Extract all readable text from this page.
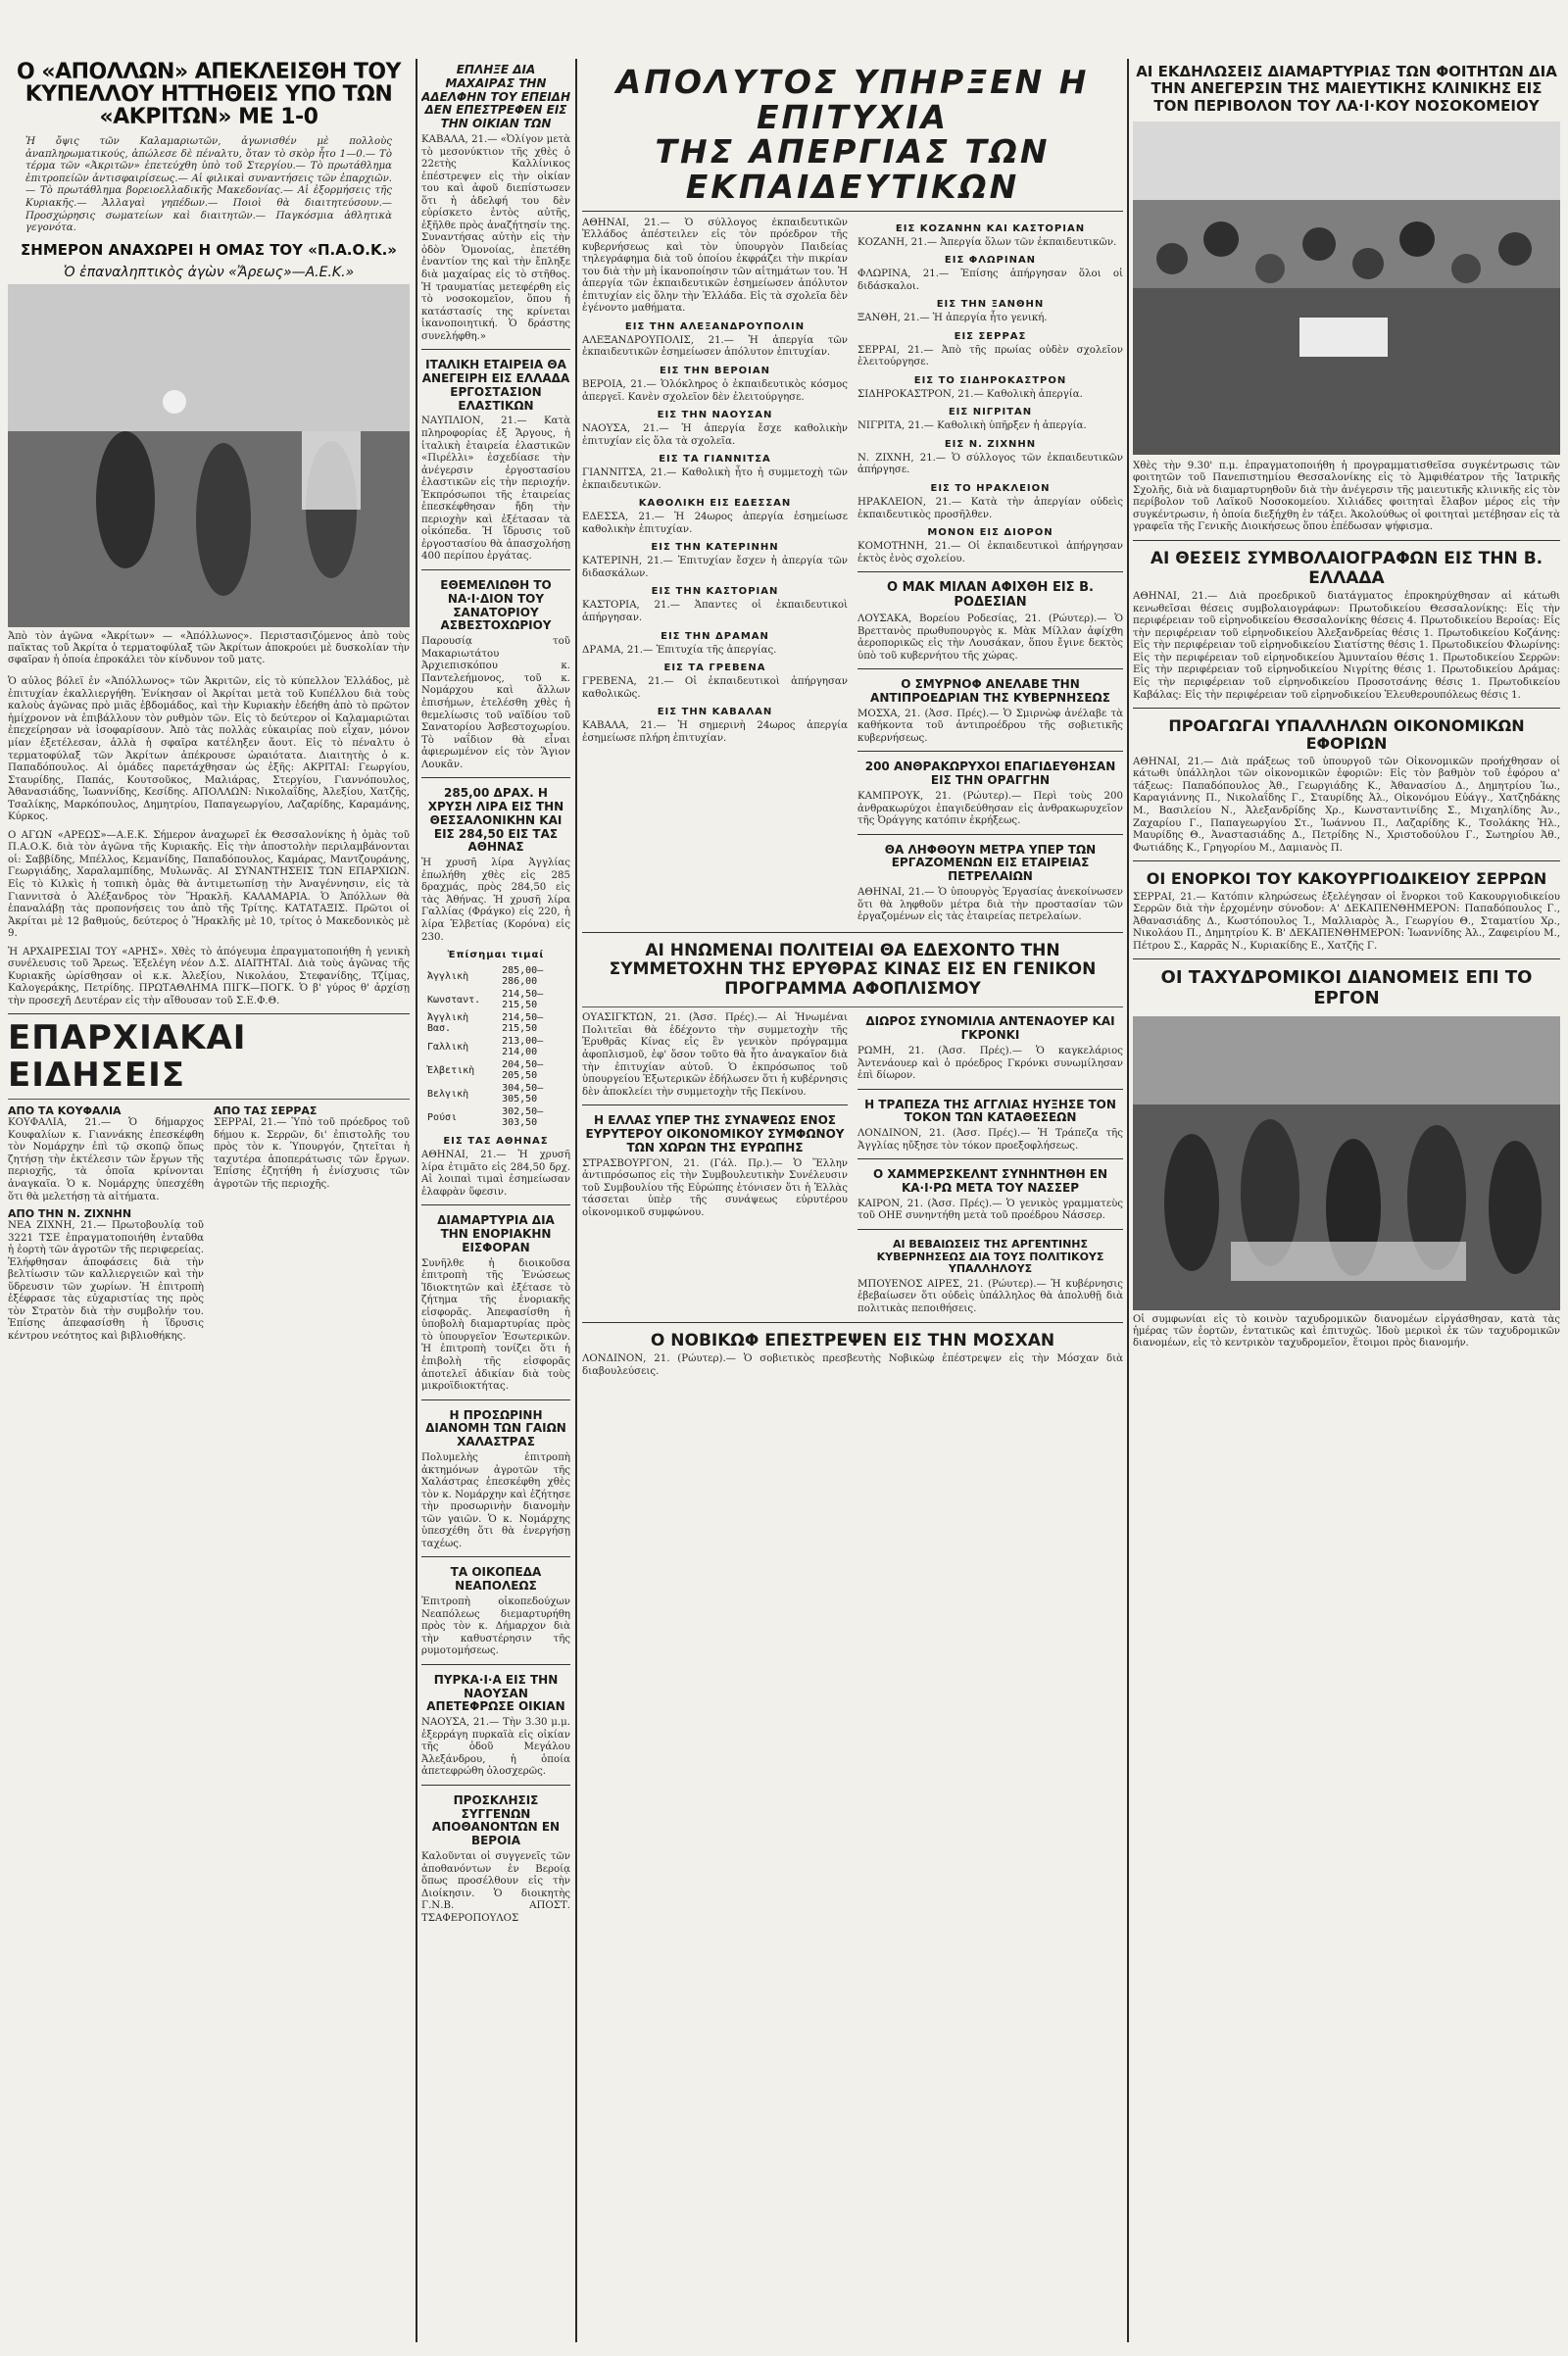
Ο «ΑΠΟΛΛΩΝ» ΑΠΕΚΛΕΙΣΘΗ ΤΟΥ ΚΥΠΕΛΛΟΥ ΗΤΤΗΘΕΙΣ ΥΠΟ ΤΩΝ «ΑΚΡΙΤΩΝ» ΜΕ 1-0

Ἡ ὄψις τῶν Καλαμαριωτῶν, ἀγωνισθέν μὲ πολλοὺς ἀναπληρωματικούς, ἀπώλεσε δὲ πέναλτυ, ὅταν τὸ σκὸρ ἦτο 1—0.— Τὸ τέρμα τῶν «Ἀκριτῶν» ἐπετεύχθη ὑπὸ τοῦ Στεργίου.— Τὸ πρωτάθλημα ἐπιτροπείῶν ἀντισφαιρίσεως.— Αἱ φιλικαὶ συναντήσεις τῶν ἐπαρχιῶν.— Τὸ πρωτάθλημα βορειοελλαδικῆς Μακεδονίας.— Αἱ ἐξορμήσεις τῆς Κυριακῆς.— Ἀλλαγαὶ γηπέδων.— Ποιοὶ θὰ διαιτητεύσουν.— Προσχώρησις σωματείων καὶ διαιτητῶν.— Παγκόσμια ἀθλητικὰ γεγονότα.

ΣΗΜΕΡΟΝ ΑΝΑΧΩΡΕΙ Η ΟΜΑΣ ΤΟΥ «Π.Α.Ο.Κ.»
Ὁ ἐπαναληπτικὸς ἀγὼν «Ἄρεως»—Α.Ε.Κ.»

Ἀπὸ τὸν ἀγῶνα «Ἀκρίτων» — «Ἀπόλλωνος». Περιστασιζόμενος ἀπὸ τοὺς παῖκτας τοῦ Ἀκρίτα ὁ τερματοφύλαξ τῶν Ἀκρίτων ἀποκρούει μὲ δυσκολίαν τὴν σφαῖραν ἡ ὁποία ἐπροκάλει τὸν κίνδυνον τοῦ ματς.

Ὁ αὐλος βόλεϊ ἐν «Ἀπόλλωνος» τῶν Ἀκριτῶν, εἰς τὸ κύπελλον Ἑλλάδος, μὲ ἐπιτυχίαν ἐκαλλιεργήθη. Ἐνίκησαν οἱ Ἀκρίται μετὰ τοῦ Κυπέλλου διὰ τοὺς καλοὺς ἀγῶνας πρὸ μιᾶς ἑβδομάδος, καὶ τὴν Κυριακὴν ἐδεήθη ἀπὸ τὸ πρῶτον ἡμίχρονον νὰ ἐπιβάλλουν τὸν ρυθμὸν τῶν. Εἰς τὸ δεύτερον οἱ Καλαμαριῶται ἐπεχείρησαν νὰ ἰσοφαρίσουν. Ἀπὸ τὰς πολλὰς εὐκαιρίας ποὺ εἶχαν, μόνον μίαν ἐξετέλεσαν, ἀλλὰ ἡ σφαῖρα κατέληξεν ἄουτ. Εἰς τὸ πέναλτυ ὁ τερματοφύλαξ τῶν Ἀκρίτων ἀπέκρουσε ὡραιότατα. Διαιτητὴς ὁ κ. Παπαδόπουλος. Αἱ ὁμάδες παρετάχθησαν ὡς ἑξῆς: ΑΚΡΙΤΑΙ: Γεωργίου, Σταυρίδης, Παπάς, Κουτσοῦκος, Μαλιάρας, Στεργίου, Γιαννόπουλος, Ἀθανασιάδης, Ἰωαννίδης, Κεσίδης. ΑΠΟΛΛΩΝ: Νικολαΐδης, Ἀλεξίου, Χατζῆς, Τσαλίκης, Μαρκόπουλος, Δημητρίου, Παπαγεωργίου, Λαζαρίδης, Καραμάνης, Κύρκος.

Ο ΑΓΩΝ «ΑΡΕΩΣ»—Α.Ε.Κ. Σήμερον ἀναχωρεῖ ἐκ Θεσσαλονίκης ἡ ὁμὰς τοῦ Π.Α.Ο.Κ. διὰ τὸν ἀγῶνα τῆς Κυριακῆς. Εἰς τὴν ἀποστολὴν περιλαμβάνονται οἱ: Σαββίδης, Μπέλλος, Κεμανίδης, Παπαδόπουλος, Καμάρας, Μαντζουράνης, Γεωργιάδης, Χαραλαμπίδης, Μυλωνᾶς. ΑΙ ΣΥΝΑΝΤΗΣΕΙΣ ΤΩΝ ΕΠΑΡΧΙΩΝ. Εἰς τὸ Κιλκὶς ἡ τοπικὴ ὁμὰς θὰ ἀντιμετωπίσῃ τὴν Ἀναγέννησιν, εἰς τὰ Γιαννιτσὰ ὁ Ἀλέξανδρος τὸν Ἥρακλῆ. ΚΑΛΑΜΑΡΙΑ. Ὁ Ἀπόλλων θὰ ἐπαναλάβῃ τὰς προπονήσεις του ἀπὸ τῆς Τρίτης. ΚΑΤΑΤΑΞΙΣ. Πρῶτοι οἱ Ἀκρίται μὲ 12 βαθμούς, δεύτερος ὁ Ἥρακλῆς μὲ 10, τρίτος ὁ Μακεδονικὸς μὲ 9.

Ἡ ΑΡΧΑΙΡΕΣΙΑΙ ΤΟΥ «ΑΡΗΣ». Χθὲς τὸ ἀπόγευμα ἐπραγματοποιήθη ἡ γενικὴ συνέλευσις τοῦ Ἄρεως. Ἐξελέγη νέον Δ.Σ. ΔΙΑΙΤΗΤΑΙ. Διὰ τοὺς ἀγῶνας τῆς Κυριακῆς ὠρίσθησαν οἱ κ.κ. Ἀλεξίου, Νικολάου, Στεφανίδης, Τζίμας, Καλογεράκης, Πετρίδης. ΠΡΩΤΑΘΛΗΜΑ ΠΙΓΚ—ΠΟΓΚ. Ὁ β' γύρος θ' ἀρχίσῃ τὴν προσεχῆ Δευτέραν εἰς τὴν αἴθουσαν τοῦ Σ.Ε.Φ.Θ.

ΕΠΑΡΧΙΑΚΑΙ ΕΙΔΗΣΕΙΣ
ΑΠΟ ΤΑ ΚΟΥΦΑΛΙΑ

ΚΟΥΦΑΛΙΑ, 21.— Ὁ δήμαρχος Κουφαλίων κ. Γιαννάκης ἐπεσκέφθη τὸν Νομάρχην ἐπὶ τῷ σκοπῷ ὅπως ζητήσῃ τὴν ἐκτέλεσιν τῶν ἔργων τῆς περιοχῆς, τὰ ὁποῖα κρίνονται ἀναγκαῖα. Ὁ κ. Νομάρχης ὑπεσχέθη ὅτι θὰ μελετήσῃ τὰ αἰτήματα.

ΑΠΟ ΤΗΝ Ν. ΖΙΧΝΗΝ

ΝΕΑ ΖΙΧΝΗ, 21.— Πρωτοβουλίᾳ τοῦ 3221 ΤΣΕ ἐπραγματοποιήθη ἐνταῦθα ἡ ἐορτὴ τῶν ἀγροτῶν τῆς περιφερείας. Ἐλήφθησαν ἀποφάσεις διὰ τὴν βελτίωσιν τῶν καλλιεργειῶν καὶ τὴν ὕδρευσιν τῶν χωρίων. Ἡ ἐπιτροπὴ ἐξέφρασε τὰς εὐχαριστίας της πρὸς τὸν Στρατὸν διὰ τὴν συμβολήν του. Ἐπίσης ἀπεφασίσθη ἡ ἵδρυσις κέντρου νεότητος καὶ βιβλιοθήκης.

ΑΠΟ ΤΑΣ ΣΕΡΡΑΣ

ΣΕΡΡΑΙ, 21.— Ὑπὸ τοῦ πρόεδρος τοῦ δήμου κ. Σερρῶν, δι' ἐπιστολῆς του πρὸς τὸν κ. Ὑπουργόν, ζητεῖται ἡ ταχυτέρα ἀποπεράτωσις τῶν ἔργων. Ἐπίσης ἐζητήθη ἡ ἐνίσχυσις τῶν ἀγροτῶν τῆς περιοχῆς.

ΕΠΛΗΞΕ ΔΙΑ ΜΑΧΑΙΡΑΣ ΤΗΝ ΑΔΕΛΦΗΝ ΤΟΥ ΕΠΕΙΔΗ ΔΕΝ ΕΠΕΣΤΡΕΦΕΝ ΕΙΣ ΤΗΝ ΟΙΚΙΑΝ ΤΩΝ

ΚΑΒΑΛΑ, 21.— «Ὀλίγον μετὰ τὸ μεσονύκτιον τῆς χθὲς ὁ 22ετὴς Καλλίνικος ἐπέστρεψεν εἰς τὴν οἰκίαν του καὶ ἀφοῦ διεπίστωσεν ὅτι ἡ ἀδελφή του δὲν εὑρίσκετο ἐντὸς αὐτῆς, ἐξῆλθε πρὸς ἀναζήτησίν της. Συναντήσας αὐτὴν εἰς τὴν ὁδὸν Ὁμονοίας, ἐπετέθη ἐναντίον της καὶ τὴν ἔπληξε διὰ μαχαίρας εἰς τὸ στῆθος. Ἡ τραυματίας μετεφέρθη εἰς τὸ νοσοκομεῖον, ὅπου ἡ κατάστασίς της κρίνεται ἱκανοποιητική. Ὁ δράστης συνελήφθη.»

ΙΤΑΛΙΚΗ ΕΤΑΙΡΕΙΑ ΘΑ ΑΝΕΓΕΙΡΗ ΕΙΣ ΕΛΛΑΔΑ ΕΡΓΟΣΤΑΣΙΟΝ ΕΛΑΣΤΙΚΩΝ

ΝΑΥΠΛΙΟΝ, 21.— Κατὰ πληροφορίας ἐξ Ἄργους, ἡ ἰταλικὴ ἑταιρεία ἐλαστικῶν «Πιρέλλι» ἐσχεδίασε τὴν ἀνέγερσιν ἐργοστασίου ἐλαστικῶν εἰς τὴν περιοχήν. Ἐκπρόσωποι τῆς ἑταιρείας ἐπεσκέφθησαν ἤδη τὴν περιοχὴν καὶ ἐξέτασαν τὰ οἰκόπεδα. Ἡ ἵδρυσις τοῦ ἐργοστασίου θὰ ἀπασχολήσῃ 400 περίπου ἐργάτας.

ΕΘΕΜΕΛΙΩΘΗ ΤΟ ΝΑ·Ι·ΔΙΟΝ ΤΟΥ ΣΑΝΑΤΟΡΙΟΥ ΑΣΒΕΣΤΟΧΩΡΙΟΥ

Παρουσίᾳ τοῦ Μακαριωτάτου Ἀρχιεπισκόπου κ. Παντελεήμονος, τοῦ κ. Νομάρχου καὶ ἄλλων ἐπισήμων, ἐτελέσθη χθὲς ἡ θεμελίωσις τοῦ ναϊδίου τοῦ Σανατορίου Ἀσβεστοχωρίου. Τὸ ναΐδιον θὰ εἶναι ἀφιερωμένον εἰς τὸν Ἅγιον Λουκᾶν.

285,00 ΔΡΑΧ. Η ΧΡΥΣΗ ΛΙΡΑ ΕΙΣ ΤΗΝ ΘΕΣΣΑΛΟΝΙΚΗΝ ΚΑΙ ΕΙΣ 284,50 ΕΙΣ ΤΑΣ ΑΘΗΝΑΣ

Ἡ χρυσῆ λίρα Ἀγγλίας ἐπωλήθη χθὲς εἰς 285 δραχμάς, πρὸς 284,50 εἰς τὰς Ἀθήνας. Ἡ χρυσῆ λίρα Γαλλίας (Φράγκο) εἰς 220, ἡ λίρα Ἐλβετίας (Κορόνα) εἰς 230.

Ἐπίσημαι τιμαί
Ἀγγλικὴ	285,00—286,00
Κωνσταντ.	214,50—215,50
Ἀγγλικὴ Βασ.	214,50—215,50
Γαλλικὴ	213,00—214,00
Ἑλβετικὴ	204,50—205,50
Βελγικὴ	304,50—305,50
Ρούσι	302,50—303,50
ΕΙΣ ΤΑΣ ΑΘΗΝΑΣ

ΑΘΗΝΑΙ, 21.— Ἡ χρυσῆ λίρα ἐτιμᾶτο εἰς 284,50 δρχ. Αἱ λοιπαὶ τιμαὶ ἐσημείωσαν ἐλαφρὰν ὕφεσιν.

ΔΙΑΜΑΡΤΥΡΙΑ ΔΙΑ ΤΗΝ ΕΝΟΡΙΑΚΗΝ ΕΙΣΦΟΡΑΝ

Συνῆλθε ἡ διοικοῦσα ἐπιτροπὴ τῆς Ἑνώσεως Ἰδιοκτητῶν καὶ ἐξέτασε τὸ ζήτημα τῆς ἐνοριακῆς εἰσφορᾶς. Ἀπεφασίσθη ἡ ὑποβολὴ διαμαρτυρίας πρὸς τὸ ὑπουργεῖον Ἐσωτερικῶν. Ἡ ἐπιτροπὴ τονίζει ὅτι ἡ ἐπιβολὴ τῆς εἰσφορᾶς ἀποτελεῖ ἀδικίαν διὰ τοὺς μικροϊδιοκτήτας.

Η ΠΡΟΣΩΡΙΝΗ ΔΙΑΝΟΜΗ ΤΩΝ ΓΑΙΩΝ ΧΑΛΑΣΤΡΑΣ

Πολυμελὴς ἐπιτροπὴ ἀκτημόνων ἀγροτῶν τῆς Χαλάστρας ἐπεσκέφθη χθὲς τὸν κ. Νομάρχην καὶ ἐζήτησε τὴν προσωρινὴν διανομὴν τῶν γαιῶν. Ὁ κ. Νομάρχης ὑπεσχέθη ὅτι θὰ ἐνεργήσῃ ταχέως.

ΤΑ ΟΙΚΟΠΕΔΑ ΝΕΑΠΟΛΕΩΣ

Ἐπιτροπὴ οἰκοπεδούχων Νεαπόλεως διεμαρτυρήθη πρὸς τὸν κ. Δήμαρχον διὰ τὴν καθυστέρησιν τῆς ρυμοτομήσεως.

ΠΥΡΚΑ·Ι·Α ΕΙΣ ΤΗΝ ΝΑΟΥΣΑΝ ΑΠΕΤΕΦΡΩΣΕ ΟΙΚΙΑΝ

ΝΑΟΥΣΑ, 21.— Τὴν 3.30 μ.μ. ἐξερράγη πυρκαϊὰ εἰς οἰκίαν τῆς ὁδοῦ Μεγάλου Ἀλεξάνδρου, ἡ ὁποία ἀπετεφρώθη ὁλοσχερῶς.

ΠΡΟΣΚΛΗΣΙΣ ΣΥΓΓΕΝΩΝ ΑΠΟΘΑΝΟΝΤΩΝ ΕΝ ΒΕΡΟΙΑ

Καλοῦνται οἱ συγγενεῖς τῶν ἀποθανόντων ἐν Βεροίᾳ ὅπως προσέλθουν εἰς τὴν Διοίκησιν. Ὁ διοικητὴς Γ.Ν.Β. ΑΠΟΣΤ. ΤΣΑΦΕΡΟΠΟΥΛΟΣ

ΑΠΟΛΥΤΟΣ ΥΠΗΡΞΕΝ Η ΕΠΙΤΥΧΙΑ
ΤΗΣ ΑΠΕΡΓΙΑΣ ΤΩΝ ΕΚΠΑΙΔΕΥΤΙΚΩΝ

ΑΘΗΝΑΙ, 21.— Ὁ σύλλογος ἐκπαιδευτικῶν Ἑλλάδος ἀπέστειλεν εἰς τὸν πρόεδρον τῆς κυβερνήσεως καὶ τὸν ὑπουργὸν Παιδείας τηλεγράφημα διὰ τοῦ ὁποίου ἐκφράζει τὴν πικρίαν του διὰ τὴν μὴ ἱκανοποίησιν τῶν αἰτημάτων του. Ἡ ἀπεργία τῶν ἐκπαιδευτικῶν ἐσημείωσεν ἀπόλυτον ἐπιτυχίαν εἰς ὅλην τὴν Ἑλλάδα. Εἰς τὰ σχολεῖα δὲν ἐγένοντο μαθήματα.

ΕΙΣ ΤΗΝ ΑΛΕΞΑΝΔΡΟΥΠΟΛΙΝ

ΑΛΕΞΑΝΔΡΟΥΠΟΛΙΣ, 21.— Ἡ ἀπεργία τῶν ἐκπαιδευτικῶν ἐσημείωσεν ἀπόλυτον ἐπιτυχίαν.

ΕΙΣ ΤΗΝ ΒΕΡΟΙΑΝ

ΒΕΡΟΙΑ, 21.— Ὁλόκληρος ὁ ἐκπαιδευτικὸς κόσμος ἀπεργεῖ. Κανὲν σχολεῖον δὲν ἐλειτούργησε.

ΕΙΣ ΤΗΝ ΝΑΟΥΣΑΝ

ΝΑΟΥΣΑ, 21.— Ἡ ἀπεργία ἔσχε καθολικὴν ἐπιτυχίαν εἰς ὅλα τὰ σχολεῖα.

ΕΙΣ ΤΑ ΓΙΑΝΝΙΤΣΑ

ΓΙΑΝΝΙΤΣΑ, 21.— Καθολικὴ ἦτο ἡ συμμετοχὴ τῶν ἐκπαιδευτικῶν.

ΚΑΘΟΛΙΚΗ ΕΙΣ ΕΔΕΣΣΑΝ

ΕΔΕΣΣΑ, 21.— Ἡ 24ωρος ἀπεργία ἐσημείωσε καθολικὴν ἐπιτυχίαν.

ΕΙΣ ΤΗΝ ΚΑΤΕΡΙΝΗΝ

ΚΑΤΕΡΙΝΗ, 21.— Ἐπιτυχίαν ἔσχεν ἡ ἀπεργία τῶν διδασκάλων.

ΕΙΣ ΤΗΝ ΚΑΣΤΟΡΙΑΝ

ΚΑΣΤΟΡΙΑ, 21.— Ἁπαντες οἱ ἐκπαιδευτικοὶ ἀπήργησαν.

ΕΙΣ ΤΗΝ ΔΡΑΜΑΝ

ΔΡΑΜΑ, 21.— Ἐπιτυχία τῆς ἀπεργίας.

ΕΙΣ ΤΑ ΓΡΕΒΕΝΑ

ΓΡΕΒΕΝΑ, 21.— Οἱ ἐκπαιδευτικοὶ ἀπήργησαν καθολικῶς.

ΕΙΣ ΤΗΝ ΚΑΒΑΛΑΝ

ΚΑΒΑΛΑ, 21.— Ἡ σημερινὴ 24ωρος ἀπεργία ἐσημείωσε πλήρη ἐπιτυχίαν.

ΕΙΣ ΚΟΖΑΝΗΝ ΚΑΙ ΚΑΣΤΟΡΙΑΝ

ΚΟΖΑΝΗ, 21.— Ἀπεργία ὅλων τῶν ἐκπαιδευτικῶν.

ΕΙΣ ΦΛΩΡΙΝΑΝ

ΦΛΩΡΙΝΑ, 21.— Ἐπίσης ἀπήργησαν ὅλοι οἱ διδάσκαλοι.

ΕΙΣ ΤΗΝ ΞΑΝΘΗΝ

ΞΑΝΘΗ, 21.— Ἡ ἀπεργία ἦτο γενική.

ΕΙΣ ΣΕΡΡΑΣ

ΣΕΡΡΑΙ, 21.— Ἀπὸ τῆς πρωίας οὐδὲν σχολεῖον ἐλειτούργησε.

ΕΙΣ ΤΟ ΣΙΔΗΡΟΚΑΣΤΡΟΝ

ΣΙΔΗΡΟΚΑΣΤΡΟΝ, 21.— Καθολικὴ ἀπεργία.

ΕΙΣ ΝΙΓΡΙΤΑΝ

ΝΙΓΡΙΤΑ, 21.— Καθολικὴ ὑπῆρξεν ἡ ἀπεργία.

ΕΙΣ Ν. ΖΙΧΝΗΝ

Ν. ΖΙΧΝΗ, 21.— Ὁ σύλλογος τῶν ἐκπαιδευτικῶν ἀπήργησε.

ΕΙΣ ΤΟ ΗΡΑΚΛΕΙΟΝ

ΗΡΑΚΛΕΙΟΝ, 21.— Κατὰ τὴν ἀπεργίαν οὐδεὶς ἐκπαιδευτικὸς προσῆλθεν.

ΜΟΝΟΝ ΕΙΣ ΔΙΟΡΟΝ

ΚΟΜΟΤΗΝΗ, 21.— Οἱ ἐκπαιδευτικοὶ ἀπήργησαν ἐκτὸς ἐνὸς σχολείου.

Ο ΜΑΚ ΜΙΛΑΝ ΑΦΙΧΘΗ ΕΙΣ Β. ΡΟΔΕΣΙΑΝ

ΛΟΥΣΑΚΑ, Βορείου Ροδεσίας, 21. (Ρώυτερ).— Ὁ Βρεττανὸς πρωθυπουργὸς κ. Μὰκ Μίλλαν ἀφίχθη ἀεροπορικῶς εἰς τὴν Λουσάκαν, ὅπου ἔγινε δεκτὸς ὑπὸ τοῦ κυβερνήτου τῆς χώρας.

Ο ΣΜΥΡΝΟΦ ΑΝΕΛΑΒΕ ΤΗΝ ΑΝΤΙΠΡΟΕΔΡΙΑΝ ΤΗΣ ΚΥΒΕΡΝΗΣΕΩΣ

ΜΟΣΧΑ, 21. (Ἀσσ. Πρές).— Ὁ Σμιρνὼφ ἀνέλαβε τὰ καθήκοντα τοῦ ἀντιπροέδρου τῆς σοβιετικῆς κυβερνήσεως.

200 ΑΝΘΡΑΚΩΡΥΧΟΙ ΕΠΑΓΙΔΕΥΘΗΣΑΝ ΕΙΣ ΤΗΝ ΟΡΑΓΓΗΝ

ΚΑΜΠΡΟΥΚ, 21. (Ρώυτερ).— Περὶ τοὺς 200 ἀνθρακωρύχοι ἐπαγιδεύθησαν εἰς ἀνθρακωρυχεῖον τῆς Ὀράγγης κατόπιν ἐκρήξεως.

ΘΑ ΛΗΦΘΟΥΝ ΜΕΤΡΑ ΥΠΕΡ ΤΩΝ ΕΡΓΑΖΟΜΕΝΩΝ ΕΙΣ ΕΤΑΙΡΕΙΑΣ ΠΕΤΡΕΛΑΙΩΝ

ΑΘΗΝΑΙ, 21.— Ὁ ὑπουργὸς Ἐργασίας ἀνεκοίνωσεν ὅτι θὰ ληφθοῦν μέτρα διὰ τὴν προστασίαν τῶν ἐργαζομένων εἰς τὰς ἑταιρείας πετρελαίων.

ΑΙ ΗΝΩΜΕΝΑΙ ΠΟΛΙΤΕΙΑΙ ΘΑ ΕΔΕΧΟΝΤΟ ΤΗΝ ΣΥΜΜΕΤΟΧΗΝ ΤΗΣ ΕΡΥΘΡΑΣ ΚΙΝΑΣ ΕΙΣ ΕΝ ΓΕΝΙΚΟΝ ΠΡΟΓΡΑΜΜΑ ΑΦΟΠΛΙΣΜΟΥ

ΟΥΑΣΙΓΚΤΩΝ, 21. (Ἀσσ. Πρές).— Αἱ Ἡνωμέναι Πολιτεῖαι θὰ ἐδέχοντο τὴν συμμετοχὴν τῆς Ἐρυθρᾶς Κίνας εἰς ἓν γενικὸν πρόγραμμα ἀφοπλισμοῦ, ἐφ' ὅσον τοῦτο θὰ ἦτο ἀναγκαῖον διὰ τὴν ἐπιτυχίαν αὐτοῦ. Ὁ ἐκπρόσωπος τοῦ ὑπουργείου Ἐξωτερικῶν ἐδήλωσεν ὅτι ἡ κυβέρνησις δὲν ἀποκλείει τὴν συμμετοχὴν τῆς Πεκίνου.

Η ΕΛΛΑΣ ΥΠΕΡ ΤΗΣ ΣΥΝΑΨΕΩΣ ΕΝΟΣ ΕΥΡΥΤΕΡΟΥ ΟΙΚΟΝΟΜΙΚΟΥ ΣΥΜΦΩΝΟΥ ΤΩΝ ΧΩΡΩΝ ΤΗΣ ΕΥΡΩΠΗΣ

ΣΤΡΑΣΒΟΥΡΓΟΝ, 21. (Γάλ. Πρ.).— Ὁ Ἕλλην ἀντιπρόσωπος εἰς τὴν Συμβουλευτικὴν Συνέλευσιν τοῦ Συμβουλίου τῆς Εὐρώπης ἐτόνισεν ὅτι ἡ Ἑλλὰς τάσσεται ὑπὲρ τῆς συνάψεως εὐρυτέρου οἰκονομικοῦ συμφώνου.

ΔΙΩΡΟΣ ΣΥΝΟΜΙΛΙΑ ΑΝΤΕΝΑΟΥΕΡ ΚΑΙ ΓΚΡΟΝΚΙ

ΡΩΜΗ, 21. (Ἀσσ. Πρές).— Ὁ καγκελάριος Ἀντενάουερ καὶ ὁ πρόεδρος Γκρόνκι συνωμίλησαν ἐπὶ δίωρον.

Η ΤΡΑΠΕΖΑ ΤΗΣ ΑΓΓΛΙΑΣ ΗΥΞΗΣΕ ΤΟΝ ΤΟΚΟΝ ΤΩΝ ΚΑΤΑΘΕΣΕΩΝ

ΛΟΝΔΙΝΟΝ, 21. (Ἀσσ. Πρές).— Ἡ Τράπεζα τῆς Ἀγγλίας ηὔξησε τὸν τόκον προεξοφλήσεως.

Ο ΧΑΜΜΕΡΣΚΕΛΝΤ ΣΥΝΗΝΤΗΘΗ ΕΝ ΚΑ·Ι·ΡΩ ΜΕΤΑ ΤΟΥ ΝΑΣΣΕΡ

ΚΑΙΡΟΝ, 21. (Ἀσσ. Πρές).— Ὁ γενικὸς γραμματεὺς τοῦ ΟΗΕ συνηντήθη μετὰ τοῦ προέδρου Νάσσερ.

ΑΙ ΒΕΒΑΙΩΣΕΙΣ ΤΗΣ ΑΡΓΕΝΤΙΝΗΣ ΚΥΒΕΡΝΗΣΕΩΣ ΔΙΑ ΤΟΥΣ ΠΟΛΙΤΙΚΟΥΣ ΥΠΑΛΛΗΛΟΥΣ

ΜΠΟΥΕΝΟΣ ΑΙΡΕΣ, 21. (Ρώυτερ).— Ἡ κυβέρνησις ἐβεβαίωσεν ὅτι οὐδεὶς ὑπάλληλος θὰ ἀπολυθῇ διὰ πολιτικὰς πεποιθήσεις.

Ο ΝΟΒΙΚΩΦ ΕΠΕΣΤΡΕΨΕΝ ΕΙΣ ΤΗΝ ΜΟΣΧΑΝ

ΛΟΝΔΙΝΟΝ, 21. (Ρώυτερ).— Ὁ σοβιετικὸς πρεσβευτὴς Νοβικὼφ ἐπέστρεψεν εἰς τὴν Μόσχαν διὰ διαβουλεύσεις.

ΑΙ ΕΚΔΗΛΩΣΕΙΣ ΔΙΑΜΑΡΤΥΡΙΑΣ ΤΩΝ ΦΟΙΤΗΤΩΝ ΔΙΑ ΤΗΝ ΑΝΕΓΕΡΣΙΝ ΤΗΣ ΜΑΙΕΥΤΙΚΗΣ ΚΛΙΝΙΚΗΣ ΕΙΣ ΤΟΝ ΠΕΡΙΒΟΛΟΝ ΤΟΥ ΛΑ·Ι·ΚΟΥ ΝΟΣΟΚΟΜΕΙΟΥ

Χθὲς τὴν 9.30' π.μ. ἐπραγματοποιήθη ἡ προγραμματισθεῖσα συγκέντρωσις τῶν φοιτητῶν τοῦ Πανεπιστημίου Θεσσαλονίκης εἰς τὸ Ἀμφιθέατρον τῆς Ἰατρικῆς Σχολῆς, διὰ νὰ διαμαρτυρηθοῦν διὰ τὴν ἀνέγερσιν τῆς μαιευτικῆς κλινικῆς εἰς τὸν περίβολον τοῦ Λαϊκοῦ Νοσοκομείου. Χιλιάδες φοιτηταὶ ἔλαβον μέρος εἰς τὴν συγκέντρωσιν, ἡ ὁποία διεξήχθη ἐν τάξει. Ἀκολούθως οἱ φοιτηταὶ μετέβησαν εἰς τὰ γραφεῖα τῆς Γενικῆς Διοικήσεως ὅπου ἐπέδωσαν ψήφισμα.

ΑΙ ΘΕΣΕΙΣ ΣΥΜΒΟΛΑΙΟΓΡΑΦΩΝ ΕΙΣ ΤΗΝ Β. ΕΛΛΑΔΑ

ΑΘΗΝΑΙ, 21.— Διὰ προεδρικοῦ διατάγματος ἐπροκηρύχθησαν αἱ κάτωθι κενωθεῖσαι θέσεις συμβολαιογράφων: Πρωτοδικείου Θεσσαλονίκης: Εἰς τὴν περιφέρειαν τοῦ εἰρηνοδικείου Θεσσαλονίκης θέσεις 4. Πρωτοδικείου Βεροίας: Εἰς τὴν περιφέρειαν τοῦ εἰρηνοδικείου Ἀλεξανδρείας θέσις 1. Πρωτοδικείου Κοζάνης: Εἰς τὴν περιφέρειαν τοῦ εἰρηνοδικείου Σιατίστης θέσις 1. Πρωτοδικείου Φλωρίνης: Εἰς τὴν περιφέρειαν τοῦ εἰρηνοδικείου Ἀμυνταίου θέσις 1. Πρωτοδικείου Σερρῶν: Εἰς τὴν περιφέρειαν τοῦ εἰρηνοδικείου Νιγρίτης θέσις 1. Πρωτοδικείου Δράμας: Εἰς τὴν περιφέρειαν τοῦ εἰρηνοδικείου Προσοτσάνης θέσις 1. Πρωτοδικείου Καβάλας: Εἰς τὴν περιφέρειαν τοῦ εἰρηνοδικείου Ἐλευθερουπόλεως θέσις 1.

ΠΡΟΑΓΩΓΑΙ ΥΠΑΛΛΗΛΩΝ ΟΙΚΟΝΟΜΙΚΩΝ ΕΦΟΡΙΩΝ

ΑΘΗΝΑΙ, 21.— Διὰ πράξεως τοῦ ὑπουργοῦ τῶν Οἰκονομικῶν προήχθησαν οἱ κάτωθι ὑπάλληλοι τῶν οἰκονομικῶν ἐφοριῶν: Εἰς τὸν βαθμὸν τοῦ ἐφόρου α' τάξεως: Παπαδόπουλος Ἀθ., Γεωργιάδης Κ., Ἀθανασίου Δ., Δημητρίου Ἰω., Καραγιάννης Π., Νικολαΐδης Γ., Σταυρίδης Ἀλ., Οἰκονόμου Εὐάγγ., Χατζηδάκης Μ., Βασιλείου Ν., Ἀλεξανδρίδης Χρ., Κωνσταντινίδης Σ., Μιχαηλίδης Ἀν., Ζαχαρίου Γ., Παπαγεωργίου Στ., Ἰωάννου Π., Λαζαρίδης Κ., Τσολάκης Ἠλ., Μαυρίδης Θ., Ἀναστασιάδης Δ., Πετρίδης Ν., Χριστοδούλου Γ., Σωτηρίου Ἀθ., Φωτιάδης Κ., Γρηγορίου Μ., Δαμιανὸς Π.

ΟΙ ΕΝΟΡΚΟΙ ΤΟΥ ΚΑΚΟΥΡΓΙΟΔΙΚΕΙΟΥ ΣΕΡΡΩΝ

ΣΕΡΡΑΙ, 21.— Κατόπιν κληρώσεως ἐξελέγησαν οἱ ἔνορκοι τοῦ Κακουργιοδικείου Σερρῶν διὰ τὴν ἐρχομένην σύνοδον: Α' ΔΕΚΑΠΕΝΘΗΜΕΡΟΝ: Παπαδόπουλος Γ., Ἀθανασιάδης Δ., Κωστόπουλος Ἰ., Μαλλιαρὸς Ἀ., Γεωργίου Θ., Σταματίου Χρ., Νικολάου Π., Δημητρίου Κ. Β' ΔΕΚΑΠΕΝΘΗΜΕΡΟΝ: Ἰωαννίδης Ἀλ., Ζαφειρίου Μ., Πέτρου Σ., Καρρᾶς Ν., Κυριακίδης Ε., Χατζῆς Γ.

ΟΙ ΤΑΧΥΔΡΟΜΙΚΟΙ ΔΙΑΝΟΜΕΙΣ ΕΠΙ ΤΟ ΕΡΓΟΝ

Οἱ συμφωνίαι εἰς τὸ κοινὸν ταχυδρομικῶν διανομέων εἰργάσθησαν, κατὰ τὰς ἡμέρας τῶν ἑορτῶν, ἐντατικῶς καὶ ἐπιτυχῶς. Ἰδοὺ μερικοὶ ἐκ τῶν ταχυδρομικῶν διανομέων, εἰς τὸ κεντρικὸν ταχυδρομεῖον, ἕτοιμοι πρὸς διανομήν.
